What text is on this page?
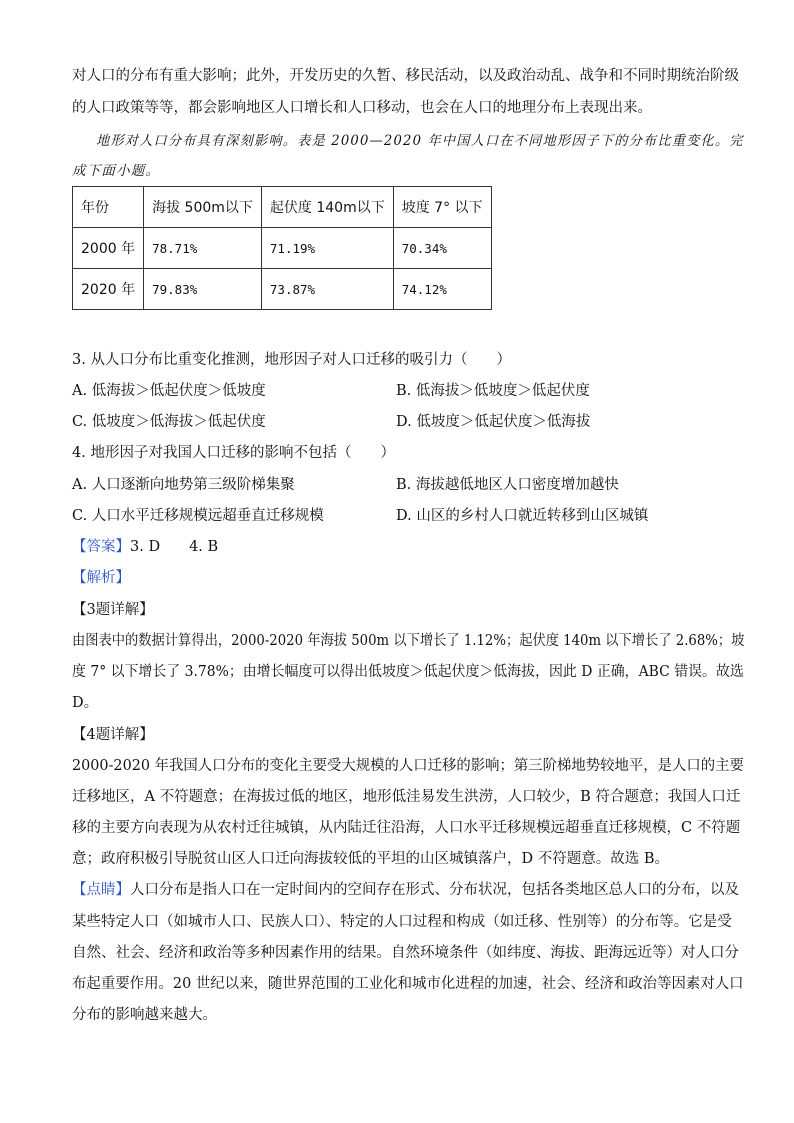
对人口的分布有重大影响；此外，开发历史的久暂、移民活动，以及政治动乱、战争和不同时期统治阶级
的人口政策等等，都会影响地区人口增长和人口移动，也会在人口的地理分布上表现出来。
地形对人口分布具有深刻影响。表是 2000—2020 年中国人口在不同地形因子下的分布比重变化。完
成下面小题。
年份	海拔 500m以下	起伏度 140m以下	坡度 7° 以下
2000 年	78.71%	71.19%	70.34%
2020 年	79.83%	73.87%	74.12%
3. 从人口分布比重变化推测，地形因子对人口迁移的吸引力（　　）
A. 低海拔＞低起伏度＞低坡度	B. 低海拔＞低坡度＞低起伏度
C. 低坡度＞低海拔＞低起伏度	D. 低坡度＞低起伏度＞低海拔
4. 地形因子对我国人口迁移的影响不包括（　　）
A. 人口逐渐向地势第三级阶梯集聚	B. 海拔越低地区人口密度增加越快
C. 人口水平迁移规模远超垂直迁移规模	D. 山区的乡村人口就近转移到山区城镇
【答案】3. D　　4. B
【解析】
【3题详解】
由图表中的数据计算得出，2000-2020 年海拔 500m 以下增长了 1.12%；起伏度 140m 以下增长了 2.68%；坡
度 7° 以下增长了 3.78%；由增长幅度可以得出低坡度＞低起伏度＞低海拔，因此 D 正确，ABC 错误。故选
D。
【4题详解】
2000-2020 年我国人口分布的变化主要受大规模的人口迁移的影响；第三阶梯地势较地平，是人口的主要
迁移地区，A 不符题意；在海拔过低的地区，地形低洼易发生洪涝，人口较少，B 符合题意；我国人口迁
移的主要方向表现为从农村迁往城镇，从内陆迁往沿海，人口水平迁移规模远超垂直迁移规模，C 不符题
意；政府积极引导脱贫山区人口迁向海拔较低的平坦的山区城镇落户，D 不符题意。故选 B。
【点睛】人口分布是指人口在一定时间内的空间存在形式、分布状况，包括各类地区总人口的分布，以及
某些特定人口（如城市人口、民族人口）、特定的人口过程和构成（如迁移、性别等）的分布等。它是受
自然、社会、经济和政治等多种因素作用的结果。自然环境条件（如纬度、海拔、距海远近等）对人口分
布起重要作用。20 世纪以来，随世界范围的工业化和城市化进程的加速，社会、经济和政治等因素对人口
分布的影响越来越大。
